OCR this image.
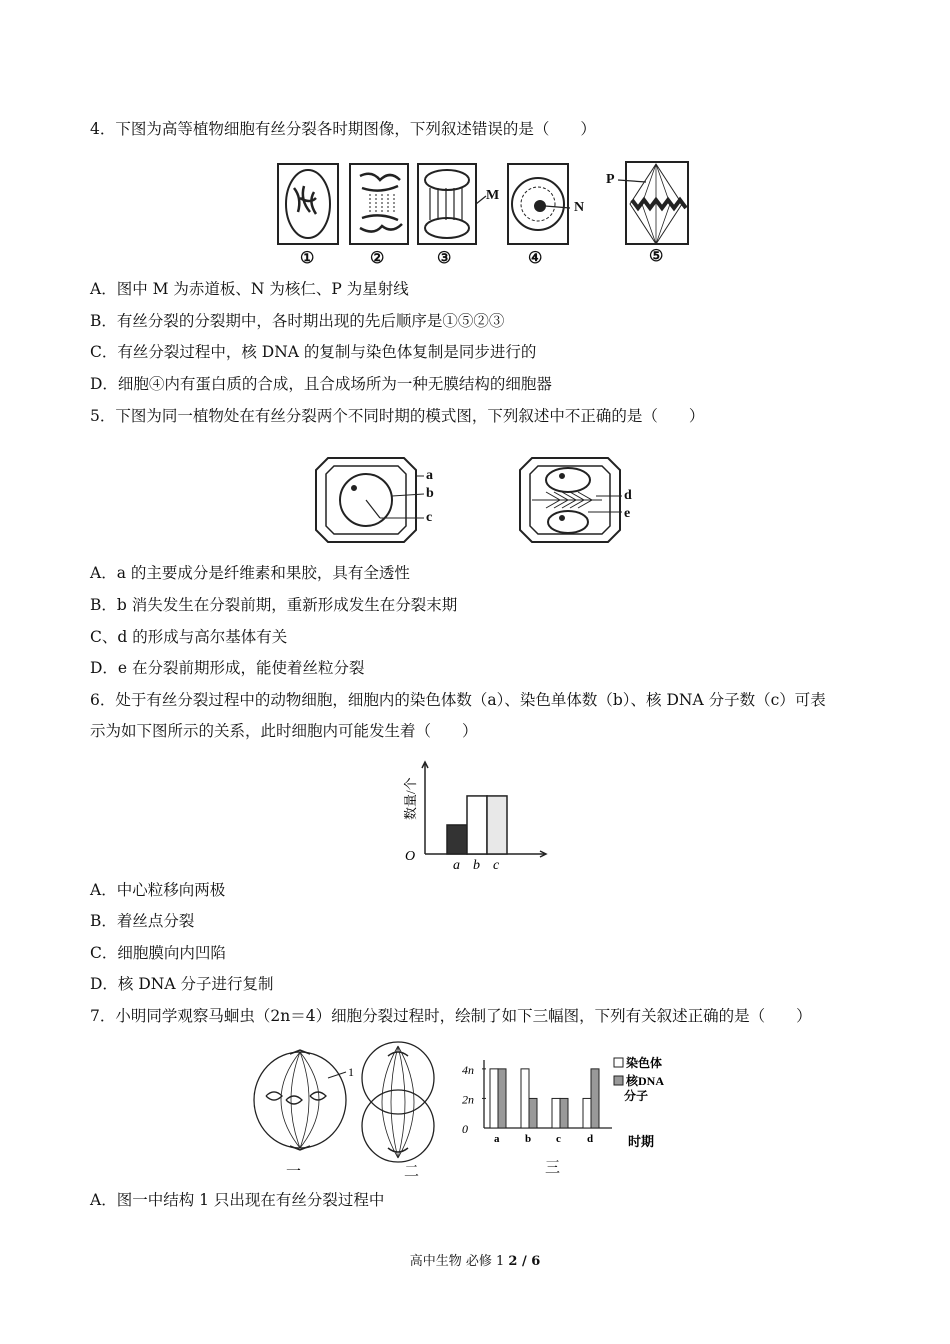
4．下图为高等植物细胞有丝分裂各时期图像，下列叙述错误的是（　　）
M
N
P
①	②	③	④	⑤
A．图中 M 为赤道板、N 为核仁、P 为星射线
B．有丝分裂的分裂期中，各时期出现的先后顺序是①⑤②③
C．有丝分裂过程中，核 DNA 的复制与染色体复制是同步进行的
D．细胞④内有蛋白质的合成，且合成场所为一种无膜结构的细胞器
5．下图为同一植物处在有丝分裂两个不同时期的模式图，下列叙述中不正确的是（　　）
a
b
c
d
e
A．a 的主要成分是纤维素和果胶，具有全透性
B．b 消失发生在分裂前期，重新形成发生在分裂末期
C、d 的形成与高尔基体有关
D．e 在分裂前期形成，能使着丝粒分裂
6．处于有丝分裂过程中的动物细胞，细胞内的染色体数（a）、染色单体数（b）、核 DNA 分子数（c）可表
示为如下图所示的关系，此时细胞内可能发生着（　　）
数量/个
O
a b c
A．中心粒移向两极
B．着丝点分裂
C．细胞膜向内凹陷
D．核 DNA 分子进行复制
7．小明同学观察马蛔虫（2n＝4）细胞分裂过程时，绘制了如下三幅图，下列有关叙述正确的是（　　）
1	4n
2n
0
a b c d	时期
染色体
核DNA
分子
一	二	三
A．图一中结构 1 只出现在有丝分裂过程中
高中生物 必修 1 2 / 6
